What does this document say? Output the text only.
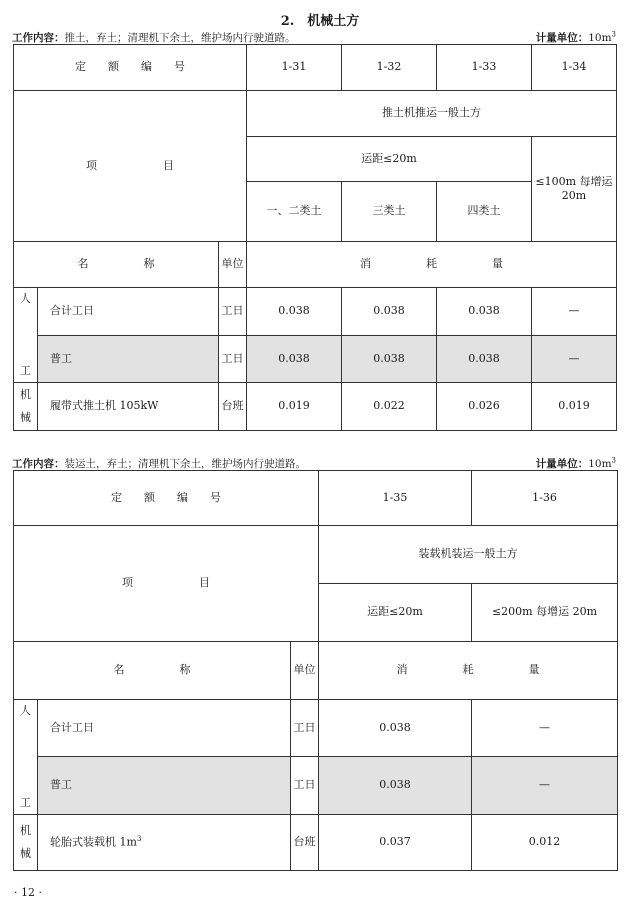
2.　机械土方
工作内容：推土，弃土；清理机下余土，维护场内行驶道路。	计量单位：$10m^3$
定　　额　　编　　号			1-31	1-32	1-33	1-34
项　　　　　　目			推土机推运一般土方			
			运距≤20m			≤100m 每增运 20m
			一、二类土	三类土	四类土	
名　　　　　称		单位	消　　　　　耗　　　　　量			

人
工	合计工日	工日	0.038	0.038	0.038	—
	普工	工日	0.038	0.038	0.038	—

机
械	履带式推土机 105kW	台班	0.019	0.022	0.026	0.019
工作内容：装运土，弃土；清理机下余土，维护场内行驶道路。	计量单位：$10m^3$
定　　额　　编　　号			1-35	1-36
项　　　　　　目			装载机装运一般土方	
			运距≤20m	≤200m 每增运 20m
名　　　　　称		单位	消　　　　　耗　　　　　量	

人
工	合计工日	工日	0.038	—
	普工	工日	0.038	—

机
械	轮胎式装载机 $1m^3$	台班	0.037	0.012
· 12 ·
